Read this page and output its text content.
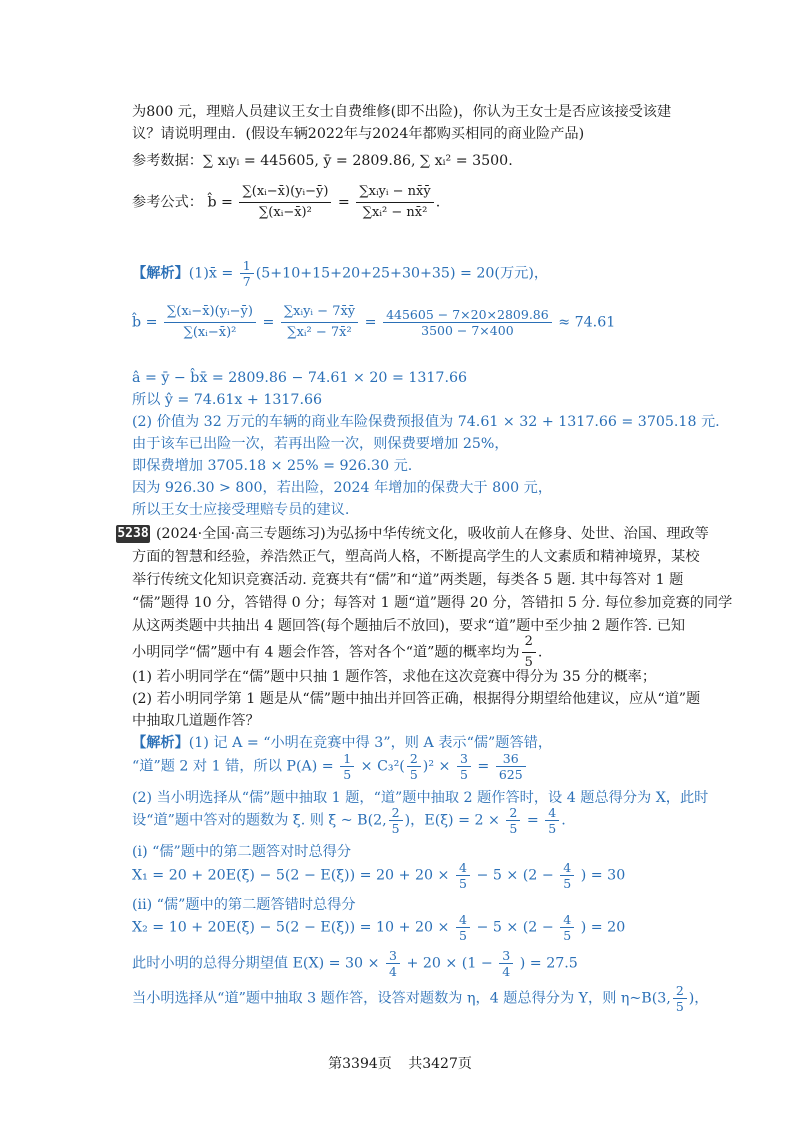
为800 元，理赔人员建议王女士自费维修(即不出险)，你认为王女士是否应该接受该建
议？请说明理由．(假设车辆2022年与2024年都购买相同的商业险产品)
参考数据：∑ xᵢyᵢ = 445605, ȳ = 2809.86, ∑ xᵢ² = 3500.
参考公式： b̂ = $\frac{\text{∑(xᵢ−x̄)(yᵢ−ȳ)}}{\text{∑(xᵢ−x̄)²}} = \frac{\text{∑xᵢyᵢ − nx̄ȳ}}{\text{∑xᵢ² − nx̄²}}$ .
【解析】(1)x̄ = $\frac{1}{7} (5+10+15+20+25+30+35) = 20$(万元)，
b̂ = $\frac{\text{∑(xᵢ−x̄)(yᵢ−ȳ)}}{\text{∑(xᵢ−x̄)²}} = \frac{\text{∑xᵢyᵢ − 7x̄ȳ}}{\text{∑xᵢ² − 7x̄²}} = \frac{445605 - 7\times 20\times 2809.86}{3500 - 7\times 400} \approx 74.61$
â = ȳ − b̂x̄ = 2809.86 − 74.61 × 20 = 1317.66
所以 ŷ = 74.61x + 1317.66
(2) 价值为 32 万元的车辆的商业车险保费预报值为 74.61 × 32 + 1317.66 = 3705.18 元.
由于该车已出险一次，若再出险一次，则保费要增加 25%，
即保费增加 3705.18 × 25% = 926.30 元.
因为 926.30 > 800，若出险，2024 年增加的保费大于 800 元，
所以王女士应接受理赔专员的建议.
5238 (2024·全国·高三专题练习)为弘扬中华传统文化，吸收前人在修身、处世、治国、理政等
方面的智慧和经验，养浩然正气，塑高尚人格，不断提高学生的人文素质和精神境界，某校
举行传统文化知识竞赛活动. 竞赛共有“儒”和“道”两类题，每类各 5 题. 其中每答对 1 题
“儒”题得 10 分，答错得 0 分；每答对 1 题“道”题得 20 分，答错扣 5 分. 每位参加竞赛的同学
从这两类题中共抽出 4 题回答(每个题抽后不放回)，要求“道”题中至少抽 2 题作答. 已知
小明同学“儒”题中有 4 题会作答，答对各个“道”题的概率均为 $\frac{2}{5}$ .
(1) 若小明同学在“儒”题中只抽 1 题作答，求他在这次竞赛中得分为 35 分的概率；
(2) 若小明同学第 1 题是从“儒”题中抽出并回答正确，根据得分期望给他建议，应从“道”题
中抽取几道题作答？
【解析】(1) 记 A = “小明在竞赛中得 3”，则 A 表示“儒”题答错，
“道”题 2 对 1 错，所以 $P(A) = \frac{1}{5} \times C_3^2( \frac{2}{5} )^2 \times \frac{3}{5} = \frac{36}{625}$
(2) 当小明选择从“儒”题中抽取 1 题，“道”题中抽取 2 题作答时，设 4 题总得分为 X，此时
设“道”题中答对的题数为 ξ. 则 ξ ~ B(2, $\frac{2}{5}$ )，$E(\xi) = 2 \times \frac{2}{5} = \frac{4}{5}$ .
(i) “儒”题中的第二题答对时总得分
$X_1 = 20 + 20E(\xi) - 5(2 - E(\xi)) = 20 + 20 \times \frac{4}{5} - 5 \times (2 - \frac{4}{5}$ ) = 30
(ii) “儒”题中的第二题答错时总得分
$X_2 = 10 + 20E(\xi) - 5(2 - E(\xi)) = 10 + 20 \times \frac{4}{5} - 5 \times (2 - \frac{4}{5}$ ) = 20
此时小明的总得分期望值 $E(X) = 30 \times \frac{3}{4} + 20 \times (1 - \frac{3}{4}$ ) = 27.5
当小明选择从“道”题中抽取 3 题作答，设答对题数为 η，4 题总得分为 Y，则 η~B(3, $\frac{2}{5}$ )，
第3394页 共3427页
